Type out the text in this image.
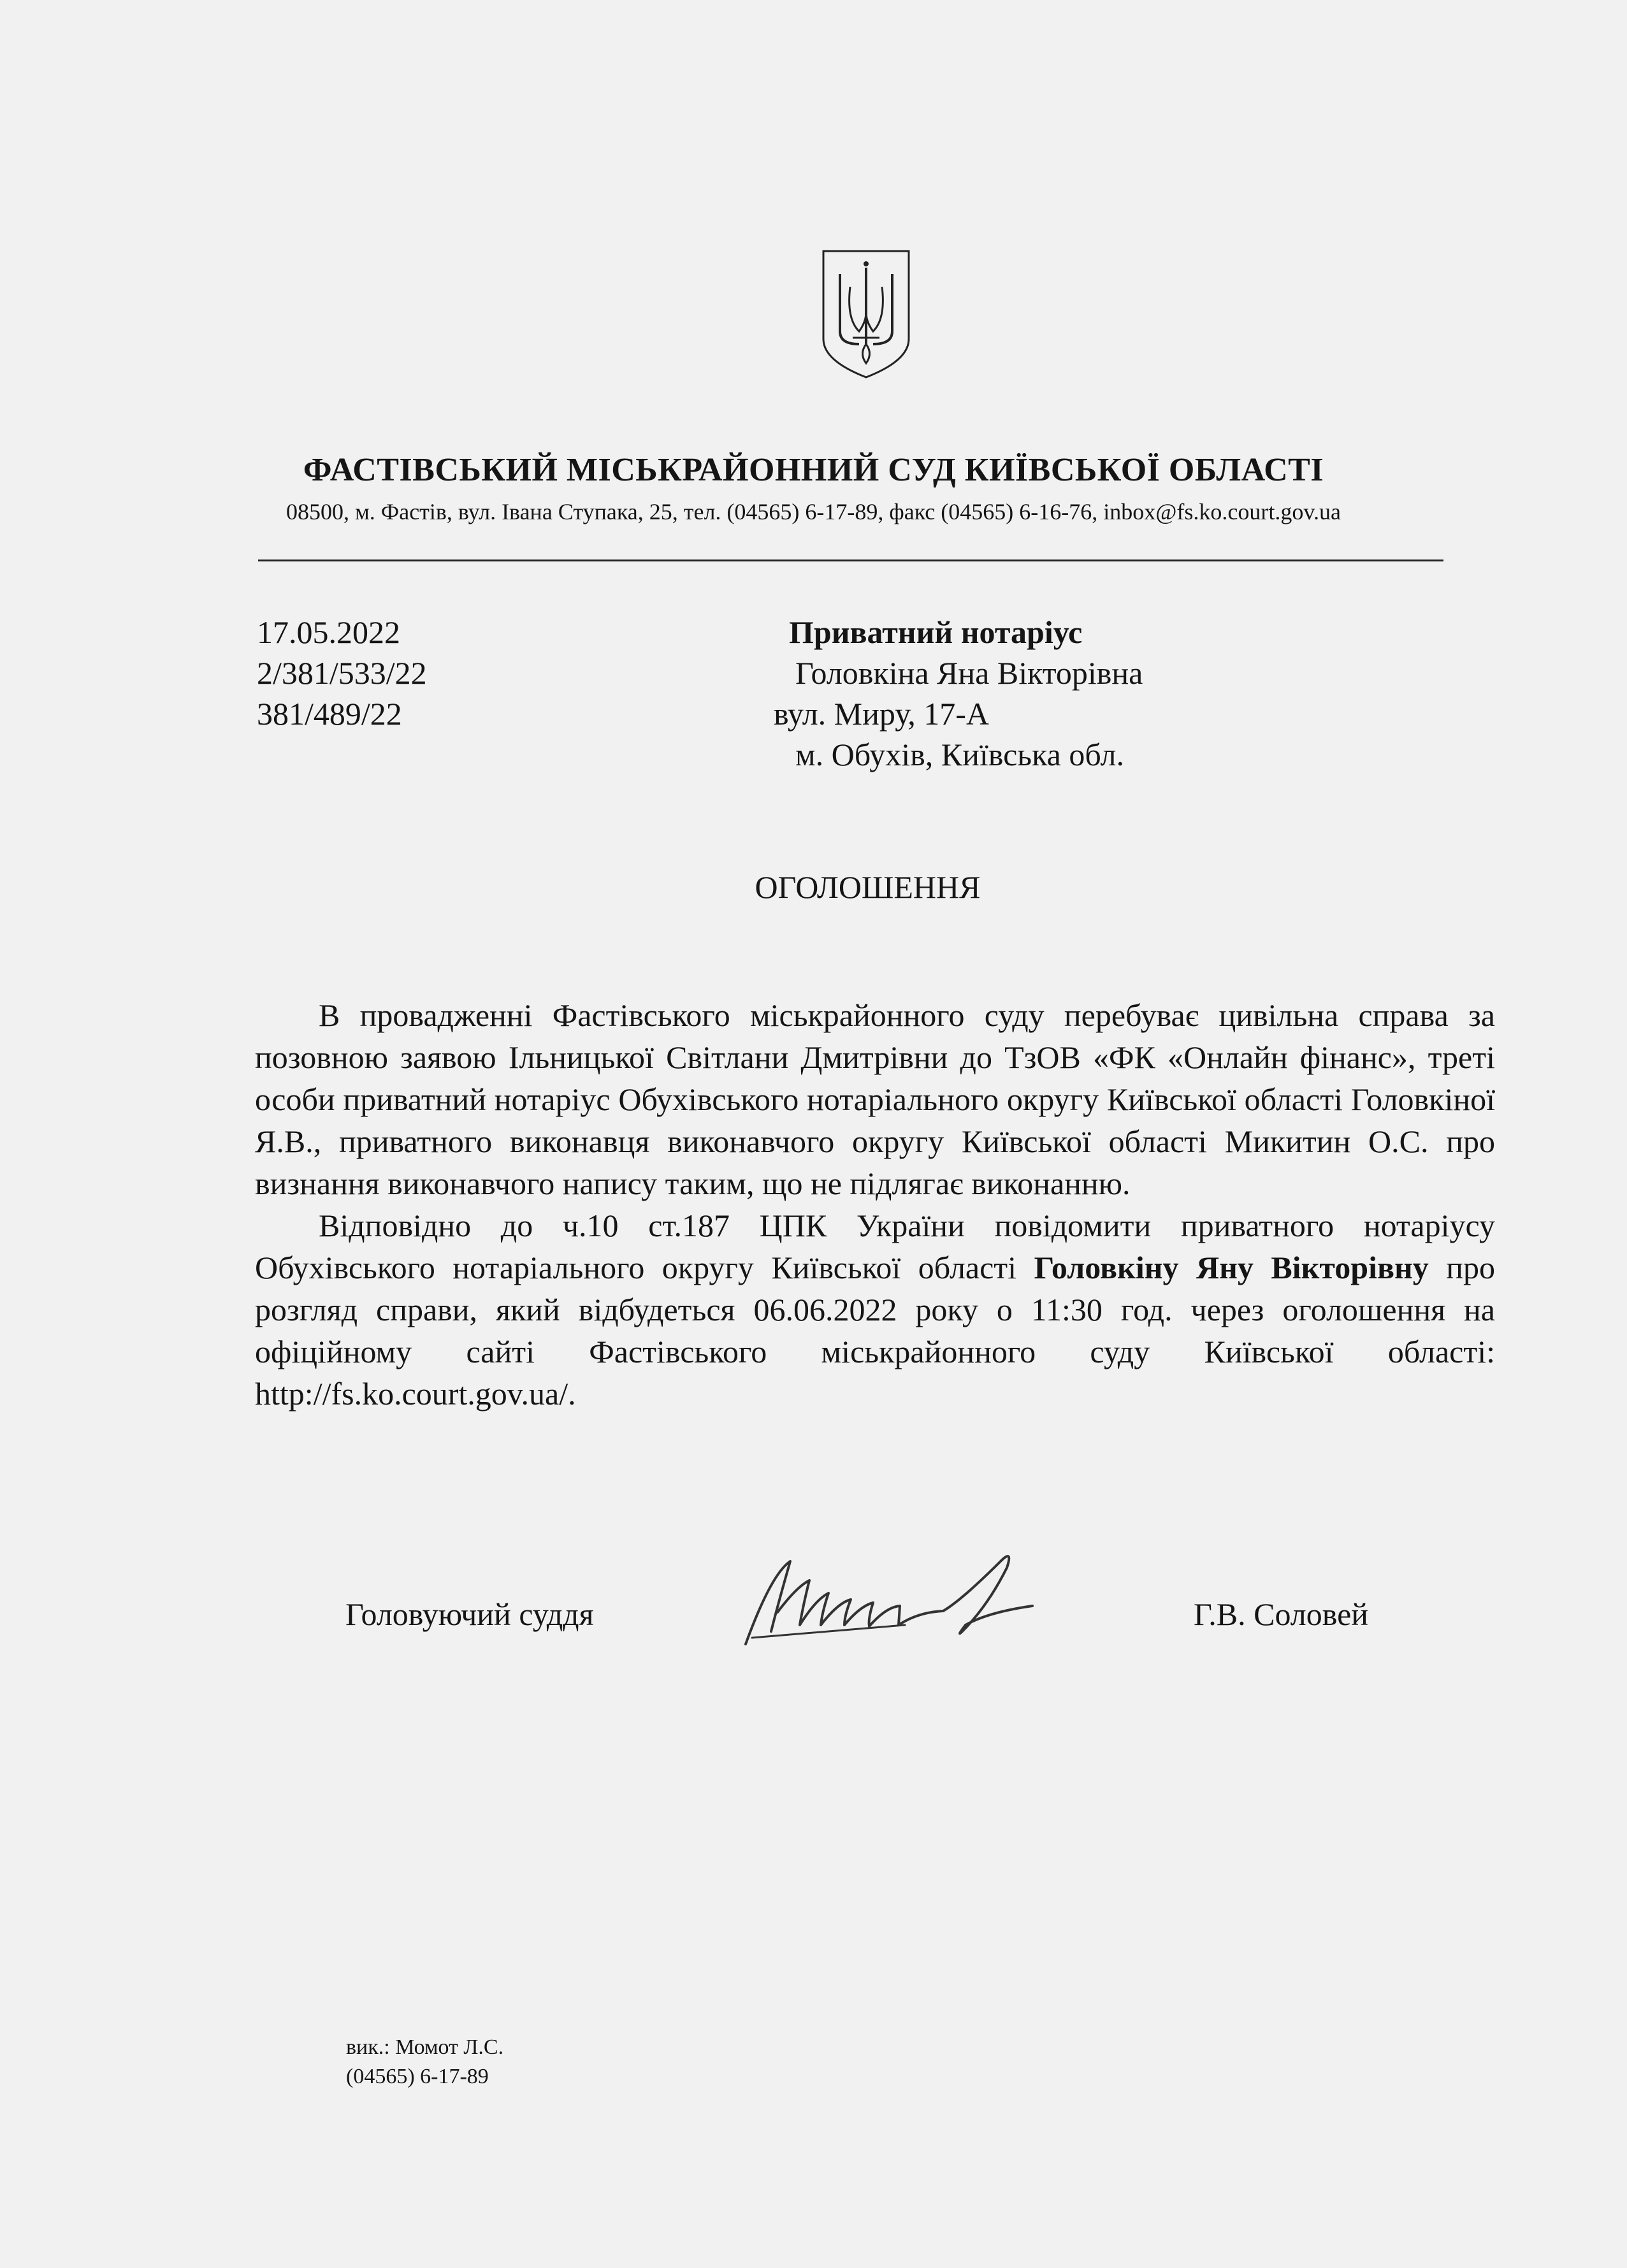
ФАСТІВСЬКИЙ МІСЬКРАЙОННИЙ СУД КИЇВСЬКОЇ ОБЛАСТІ
08500, м. Фастів, вул. Івана Ступака, 25, тел. (04565) 6-17-89, факс (04565) 6-16-76, inbox@fs.ko.court.gov.ua
17.05.2022
2/381/533/22
381/489/22
Приватний нотаріус
Головкіна Яна Вікторівна
вул. Миру, 17-А
м. Обухів, Київська обл.
ОГОЛОШЕННЯ

В провадженні Фастівського міськрайонного суду перебуває цивільна справа за позовною заявою Ільницької Світлани Дмитрівни до ТзОВ «ФК «Онлайн фінанс», треті особи приватний нотаріус Обухівського нотаріального округу Київської області Головкіної Я.В., приватного виконавця виконавчого округу Київської області Микитин О.С. про визнання виконавчого напису таким, що не підлягає виконанню.

Відповідно до ч.10 ст.187 ЦПК України повідомити приватного нотаріусу Обухівського нотаріального округу Київської області Головкіну Яну Вікторівну про розгляд справи, який відбудеться 06.06.2022 року о 11:30 год. через оголошення на офіційному сайті Фастівського міськрайонного суду Київської області: http://fs.ko.court.gov.ua/.

Головуючий суддя	Г.В. Соловей
вик.: Момот Л.С.
(04565) 6-17-89
